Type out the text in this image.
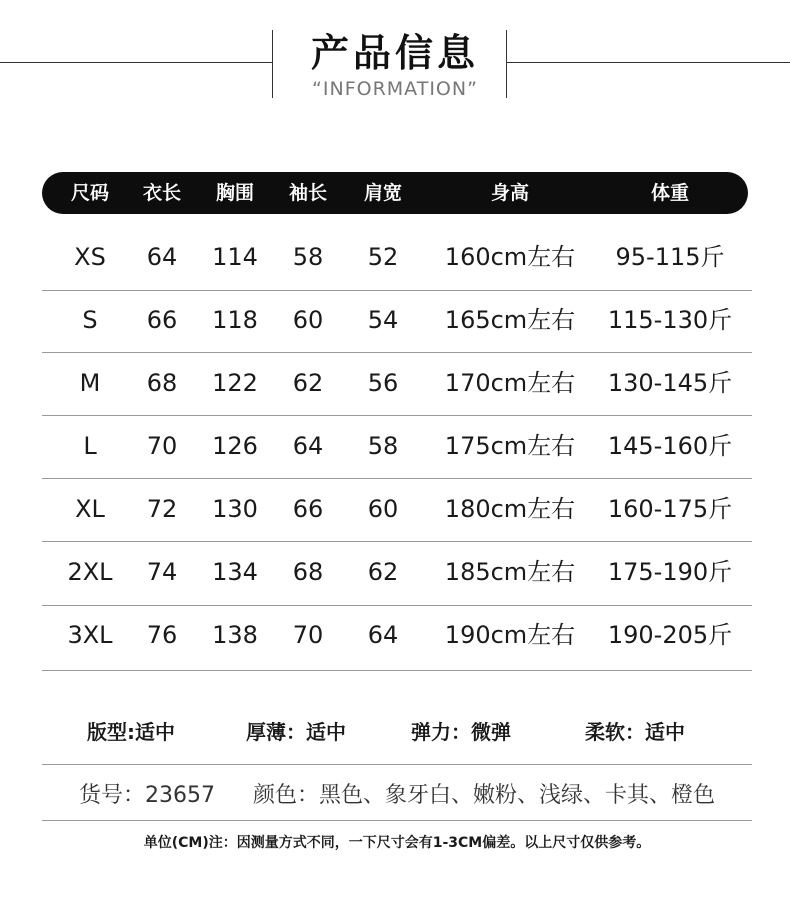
产品信息
“INFORMATION”
尺码 衣长 胸围 袖长 肩宽	身高	体重
XS 64 114 58 52 160cm左右 95-115斤
S 66 118 60 54 165cm左右 115-130斤
M 68 122 62 56 170cm左右 130-145斤
L 70 126 64 58 175cm左右 145-160斤
XL 72 130 66 60 180cm左右 160-175斤
2XL 74 134 68 62 185cm左右 175-190斤
3XL 76 138 70 64 190cm左右 190-205斤
版型:适中	厚薄：适中	弹力：微弹	柔软：适中
货号：23657 颜色：黑色、象牙白、嫩粉、浅绿、卡其、橙色
单位(CM)注：因测量方式不同，一下尺寸会有1-3CM偏差。以上尺寸仅供参考。
